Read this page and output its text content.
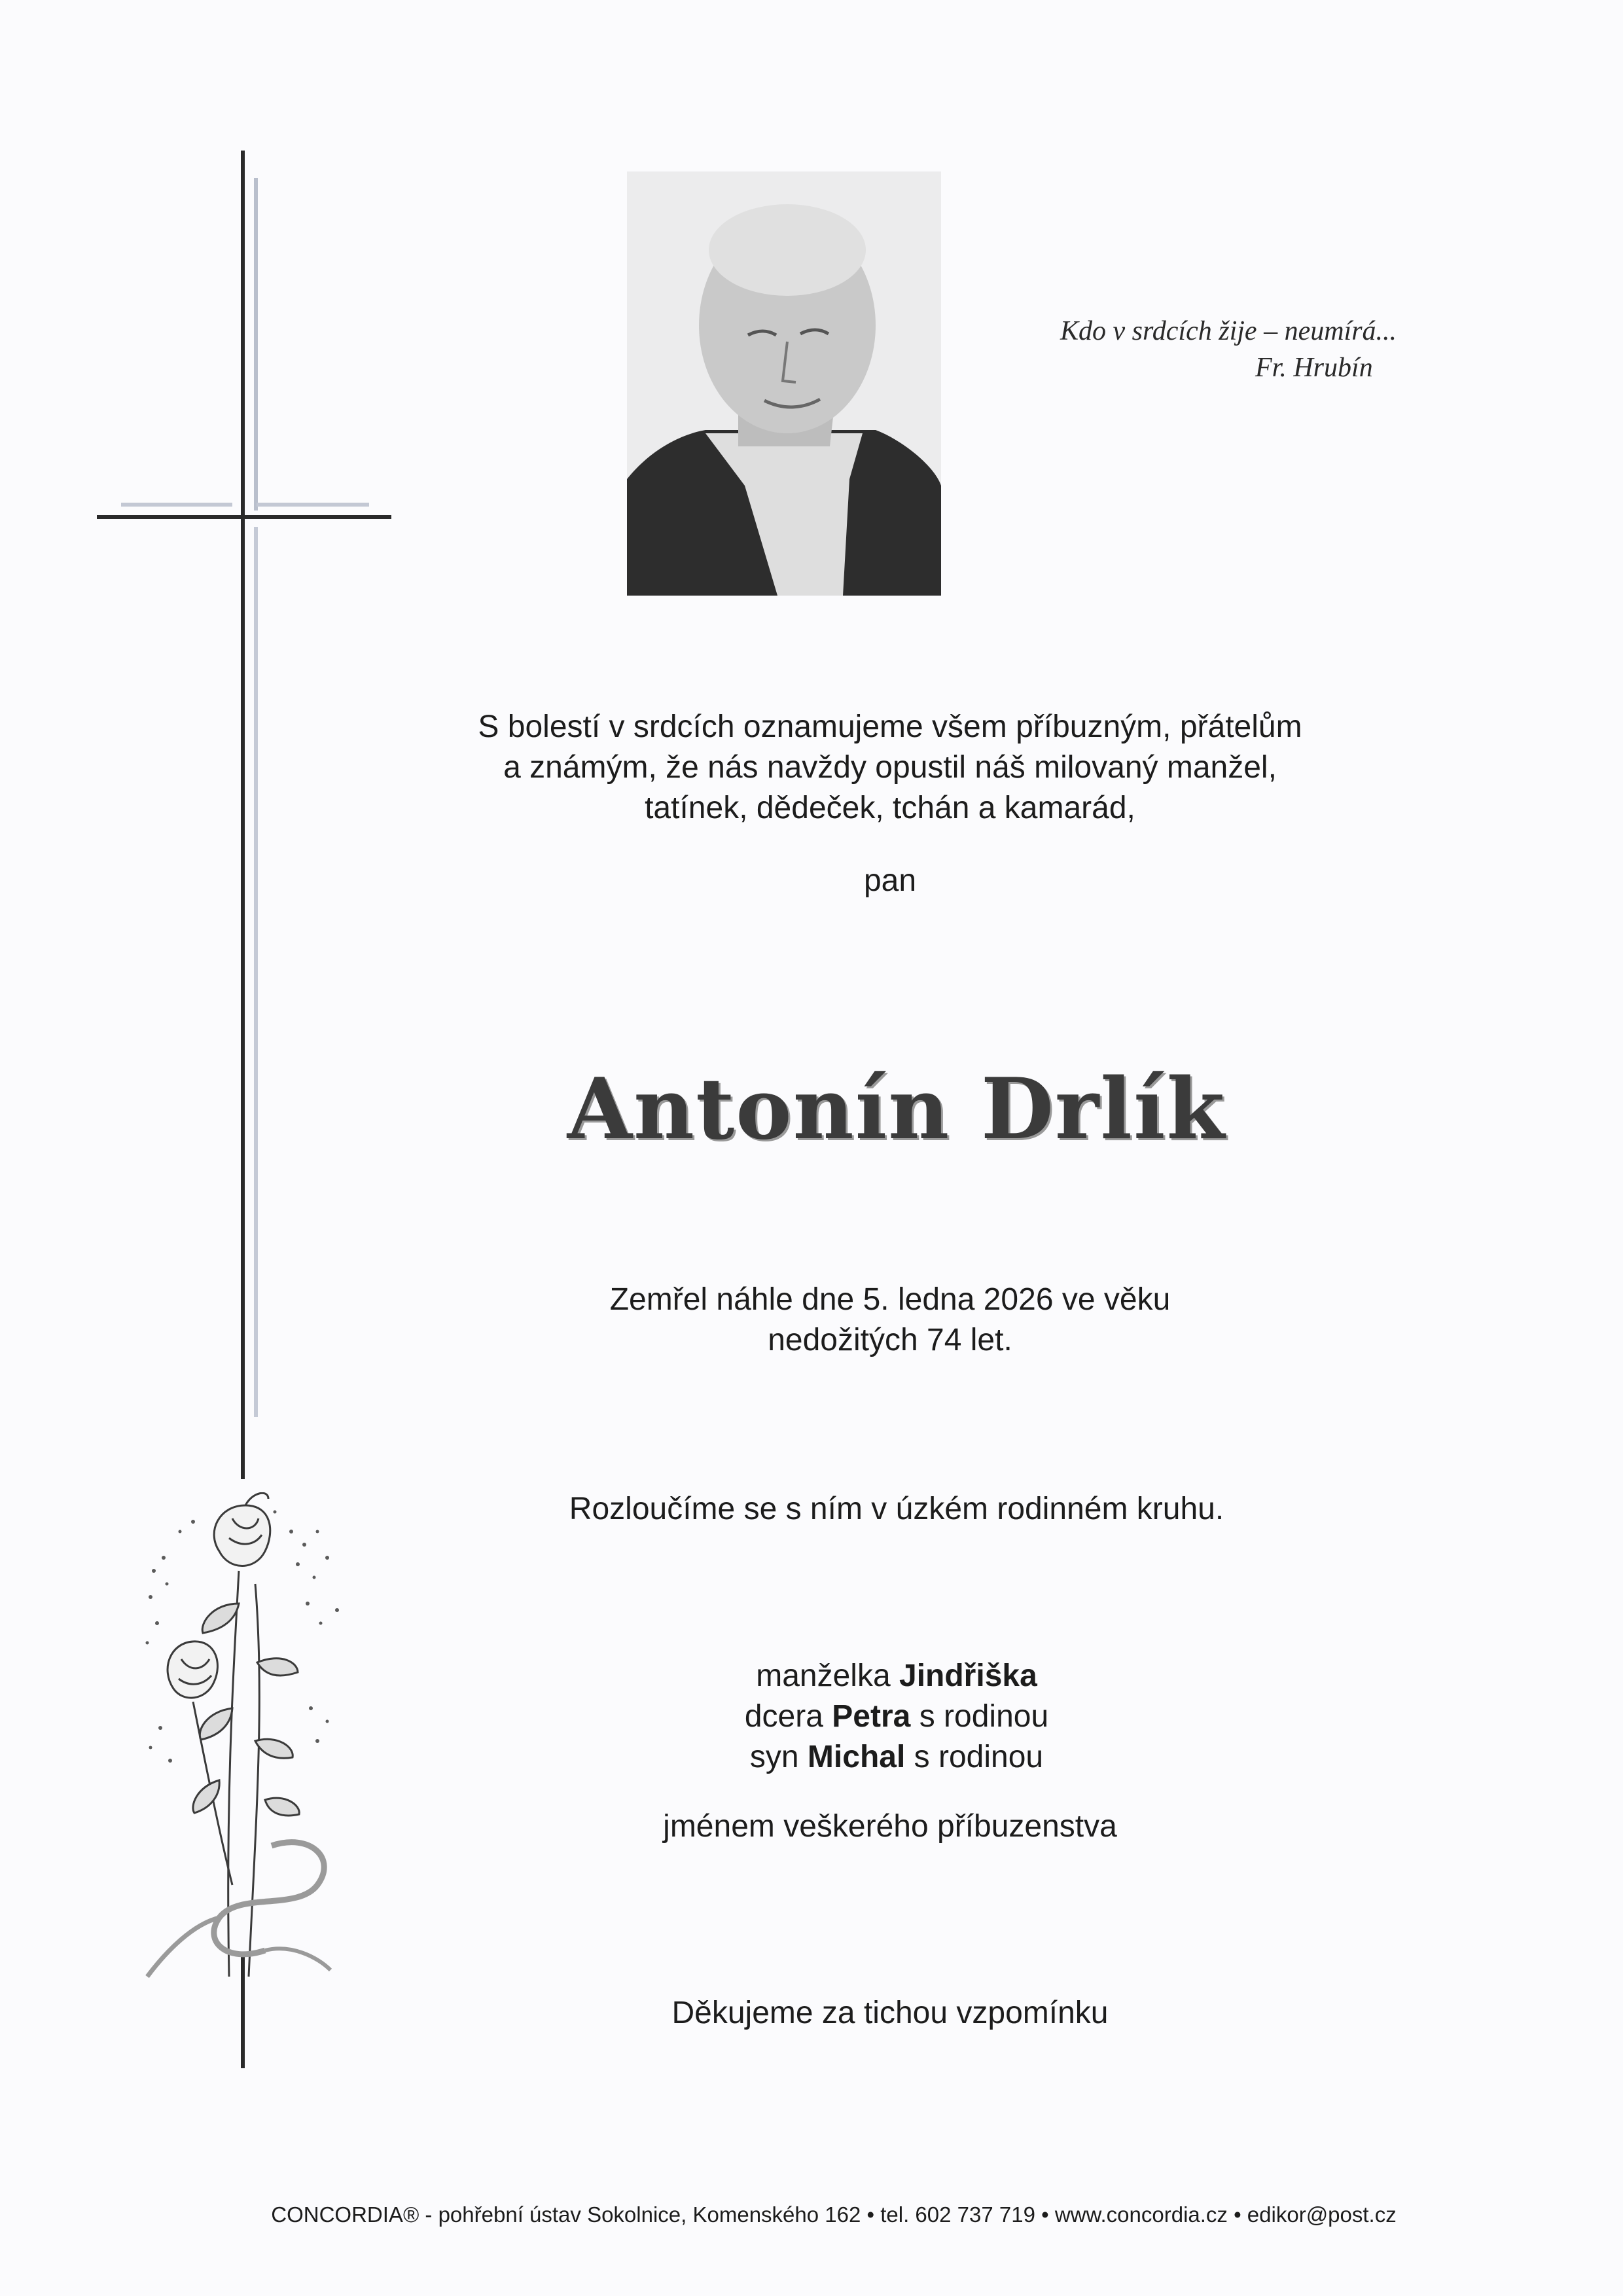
Kdo v srdcích žije – neumírá...
Fr. Hrubín
S bolestí v srdcích oznamujeme všem příbuzným, přátelům
a známým, že nás navždy opustil náš milovaný manžel,
tatínek, dědeček, tchán a kamarád,
pan
Antonín Drlík
Zemřel náhle dne 5. ledna 2026 ve věku
nedožitých 74 let.
Rozloučíme se s ním v úzkém rodinném kruhu.
manželka Jindřiška
dcera Petra s rodinou
syn Michal s rodinou
jménem veškerého příbuzenstva
Děkujeme za tichou vzpomínku
CONCORDIA® - pohřební ústav Sokolnice, Komenského 162 • tel. 602 737 719 • www.concordia.cz • edikor@post.cz
